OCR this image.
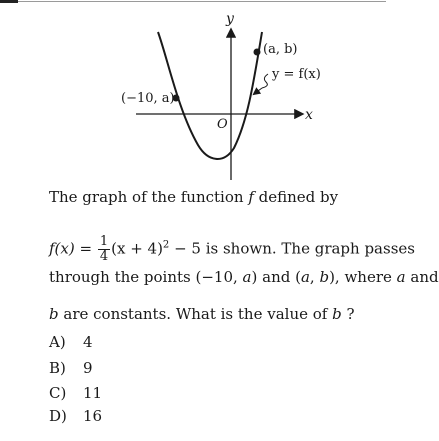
y
x
O
(−10, a)
(a, b)
y = f(x)
The graph of the function f defined by
$f(x) = \frac{1}{4} (x + 4)^2 - 5$ is shown. The graph passes
through the points (−10, a) and (a, b), where a and
b are constants. What is the value of b ?
A) 4
B) 9
C) 11
D) 16
